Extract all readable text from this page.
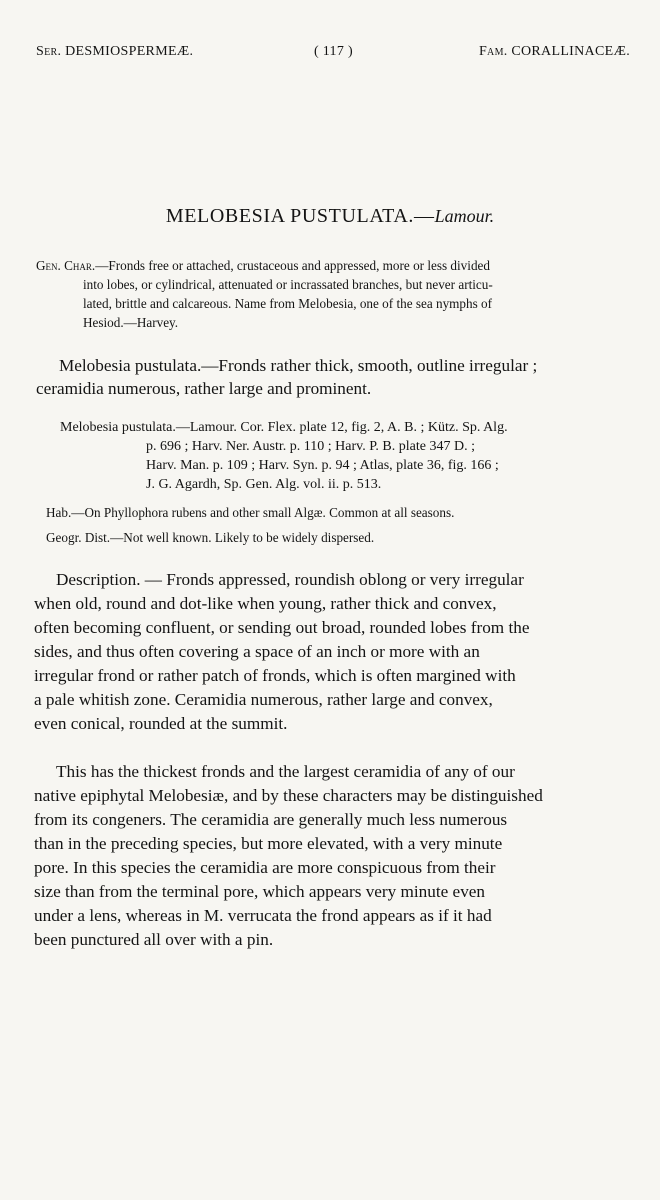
Ser. DESMIOSPERMEÆ.	( 117 )	Fam. CORALLINACEÆ.
MELOBESIA PUSTULATA.—Lamour.
Gen. Char.—Fronds free or attached, crustaceous and appressed, more or less divided
into lobes, or cylindrical, attenuated or incrassated branches, but never articu-
lated, brittle and calcareous. Name from Melobesia, one of the sea nymphs of
Hesiod.—Harvey.
Melobesia pustulata.—Fronds rather thick, smooth, outline irregular ;
ceramidia numerous, rather large and prominent.
Melobesia pustulata.—Lamour. Cor. Flex. plate 12, fig. 2, A. B. ; Kütz. Sp. Alg.
p. 696 ; Harv. Ner. Austr. p. 110 ; Harv. P. B. plate 347 D. ;
Harv. Man. p. 109 ; Harv. Syn. p. 94 ; Atlas, plate 36, fig. 166 ;
J. G. Agardh, Sp. Gen. Alg. vol. ii. p. 513.
Hab.—On Phyllophora rubens and other small Algæ. Common at all seasons.
Geogr. Dist.—Not well known. Likely to be widely dispersed.
Description. — Fronds appressed, roundish oblong or very irregular
when old, round and dot-like when young, rather thick and convex,
often becoming confluent, or sending out broad, rounded lobes from the
sides, and thus often covering a space of an inch or more with an
irregular frond or rather patch of fronds, which is often margined with
a pale whitish zone. Ceramidia numerous, rather large and convex,
even conical, rounded at the summit.
This has the thickest fronds and the largest ceramidia of any of our
native epiphytal Melobesiæ, and by these characters may be distinguished
from its congeners. The ceramidia are generally much less numerous
than in the preceding species, but more elevated, with a very minute
pore. In this species the ceramidia are more conspicuous from their
size than from the terminal pore, which appears very minute even
under a lens, whereas in M. verrucata the frond appears as if it had
been punctured all over with a pin.
